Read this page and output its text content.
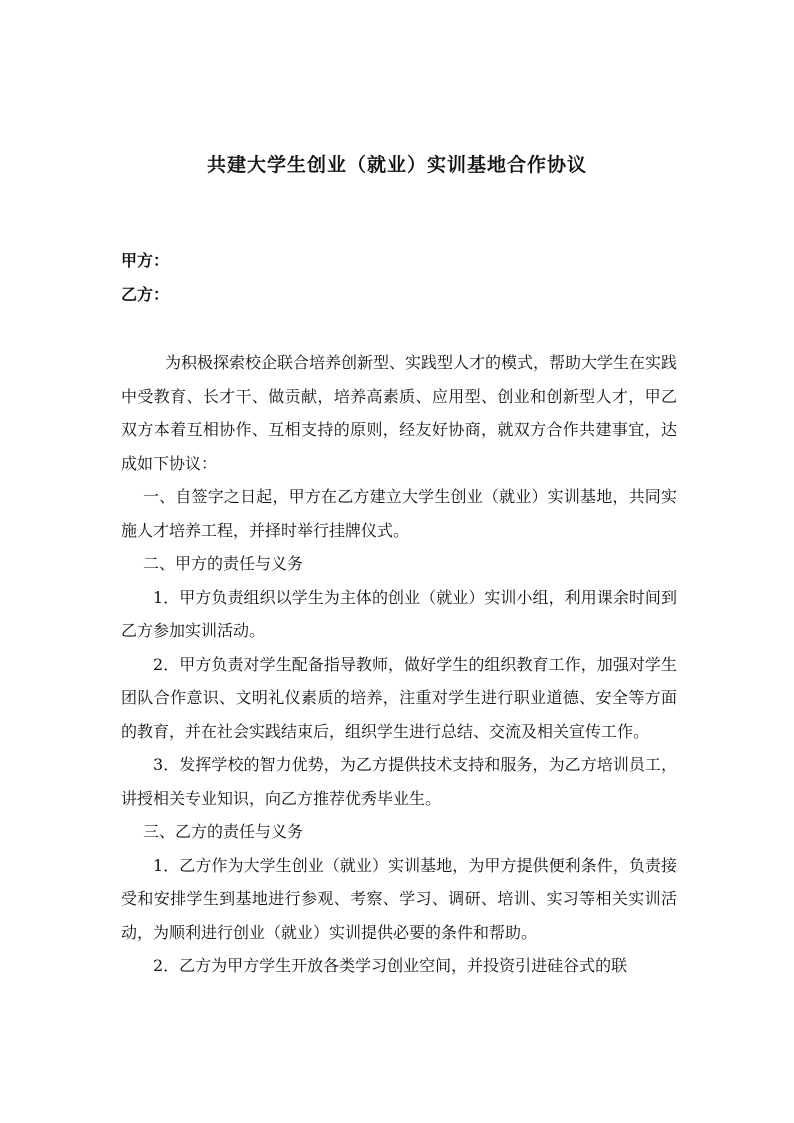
共建大学生创业（就业）实训基地合作协议
甲方：
乙方：

为积极探索校企联合培养创新型、实践型人才的模式，帮助大学生在实践中受教育、长才干、做贡献，培养高素质、应用型、创业和创新型人才，甲乙双方本着互相协作、互相支持的原则，经友好协商，就双方合作共建事宜，达成如下协议：

一、自签字之日起，甲方在乙方建立大学生创业（就业）实训基地，共同实施人才培养工程，并择时举行挂牌仪式。

二、甲方的责任与义务

1．甲方负责组织以学生为主体的创业（就业）实训小组，利用课余时间到乙方参加实训活动。

2．甲方负责对学生配备指导教师，做好学生的组织教育工作，加强对学生团队合作意识、文明礼仪素质的培养，注重对学生进行职业道德、安全等方面的教育，并在社会实践结束后，组织学生进行总结、交流及相关宣传工作。

3．发挥学校的智力优势，为乙方提供技术支持和服务，为乙方培训员工，讲授相关专业知识，向乙方推荐优秀毕业生。

三、乙方的责任与义务

1．乙方作为大学生创业（就业）实训基地，为甲方提供便利条件，负责接受和安排学生到基地进行参观、考察、学习、调研、培训、实习等相关实训活动，为顺利进行创业（就业）实训提供必要的条件和帮助。

2．乙方为甲方学生开放各类学习创业空间，并投资引进硅谷式的联
